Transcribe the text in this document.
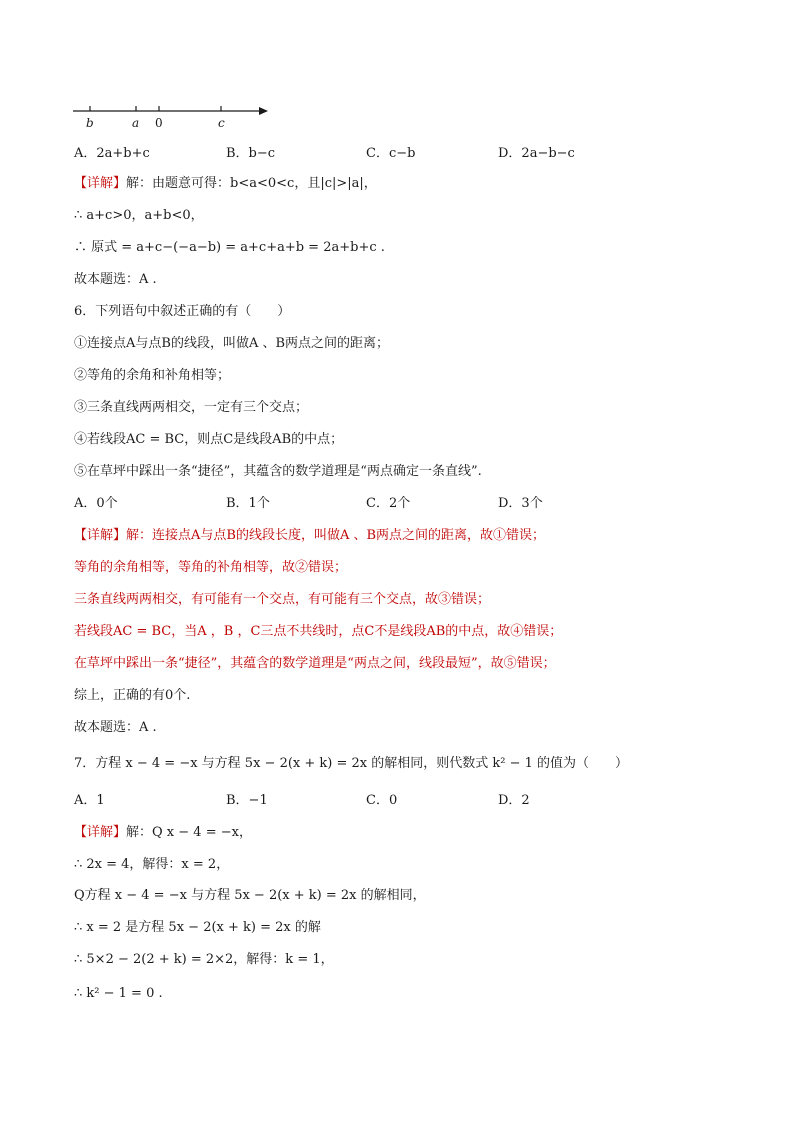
b	a 0	c
A．2a+b+c	B．b−c	C．c−b	D．2a−b−c
【详解】解：由题意可得：b<a<0<c，且|c|>|a|，
∴ a+c>0，a+b<0，
∴ 原式 = a+c−(−a−b) = a+c+a+b = 2a+b+c .
故本题选：A .
6．下列语句中叙述正确的有（　　）
①连接点A与点B的线段，叫做A 、B两点之间的距离；
②等角的余角和补角相等；
③三条直线两两相交，一定有三个交点；
④若线段AC = BC，则点C是线段AB的中点；
⑤在草坪中踩出一条“捷径”，其蕴含的数学道理是“两点确定一条直线”.
A．0个	B．1个	C．2个	D．3个
【详解】解：连接点A与点B的线段长度，叫做A 、B两点之间的距离，故①错误；
等角的余角相等，等角的补角相等，故②错误；
三条直线两两相交，有可能有一个交点，有可能有三个交点，故③错误；
若线段AC = BC，当A ，B ，C三点不共线时，点C不是线段AB的中点，故④错误；
在草坪中踩出一条“捷径”，其蕴含的数学道理是“两点之间，线段最短”，故⑤错误；
综上，正确的有0个.
故本题选：A .
7．方程 x − 4 = −x 与方程 5x − 2(x + k) = 2x 的解相同，则代数式 k² − 1 的值为（　　）
A．1	B．−1	C．0	D．2
【详解】解：Q x − 4 = −x，
∴ 2x = 4，解得：x = 2，
Q方程 x − 4 = −x 与方程 5x − 2(x + k) = 2x 的解相同，
∴ x = 2 是方程 5x − 2(x + k) = 2x 的解
∴ 5×2 − 2(2 + k) = 2×2，解得：k = 1，
∴ k² − 1 = 0 .
